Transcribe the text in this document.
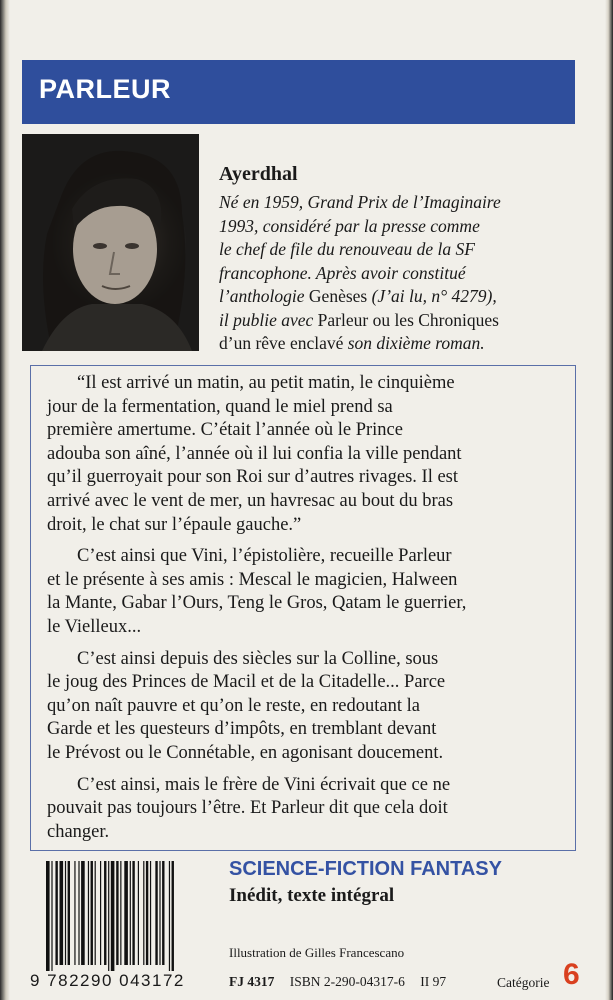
PARLEUR
Ayerdhal
Né en 1959, Grand Prix de l’Imaginaire
1993, considéré par la presse comme
le chef de file du renouveau de la SF
francophone. Après avoir constitué
l’anthologie Genèses (J’ai lu, n° 4279),
il publie avec Parleur ou les Chroniques
d’un rêve enclavé son dixième roman.
“Il est arrivé un matin, au petit matin, le cinquième
jour de la fermentation, quand le miel prend sa
première amertume. C’était l’année où le Prince
adouba son aîné, l’année où il lui confia la ville pendant
qu’il guerroyait pour son Roi sur d’autres rivages. Il est
arrivé avec le vent de mer, un havresac au bout du bras
droit, le chat sur l’épaule gauche.”
C’est ainsi que Vini, l’épistolière, recueille Parleur
et le présente à ses amis : Mescal le magicien, Halween
la Mante, Gabar l’Ours, Teng le Gros, Qatam le guerrier,
le Vielleux...
C’est ainsi depuis des siècles sur la Colline, sous
le joug des Princes de Macil et de la Citadelle... Parce
qu’on naît pauvre et qu’on le reste, en redoutant la
Garde et les questeurs d’impôts, en tremblant devant
le Prévost ou le Connétable, en agonisant doucement.
C’est ainsi, mais le frère de Vini écrivait que ce ne
pouvait pas toujours l’être. Et Parleur dit que cela doit
changer.
9 782290 043172
SCIENCE-FICTION FANTASY
Inédit, texte intégral
Illustration de Gilles Francescano
FJ 4317 ISBN 2-290-04317-6 II 97	Catégorie 6
